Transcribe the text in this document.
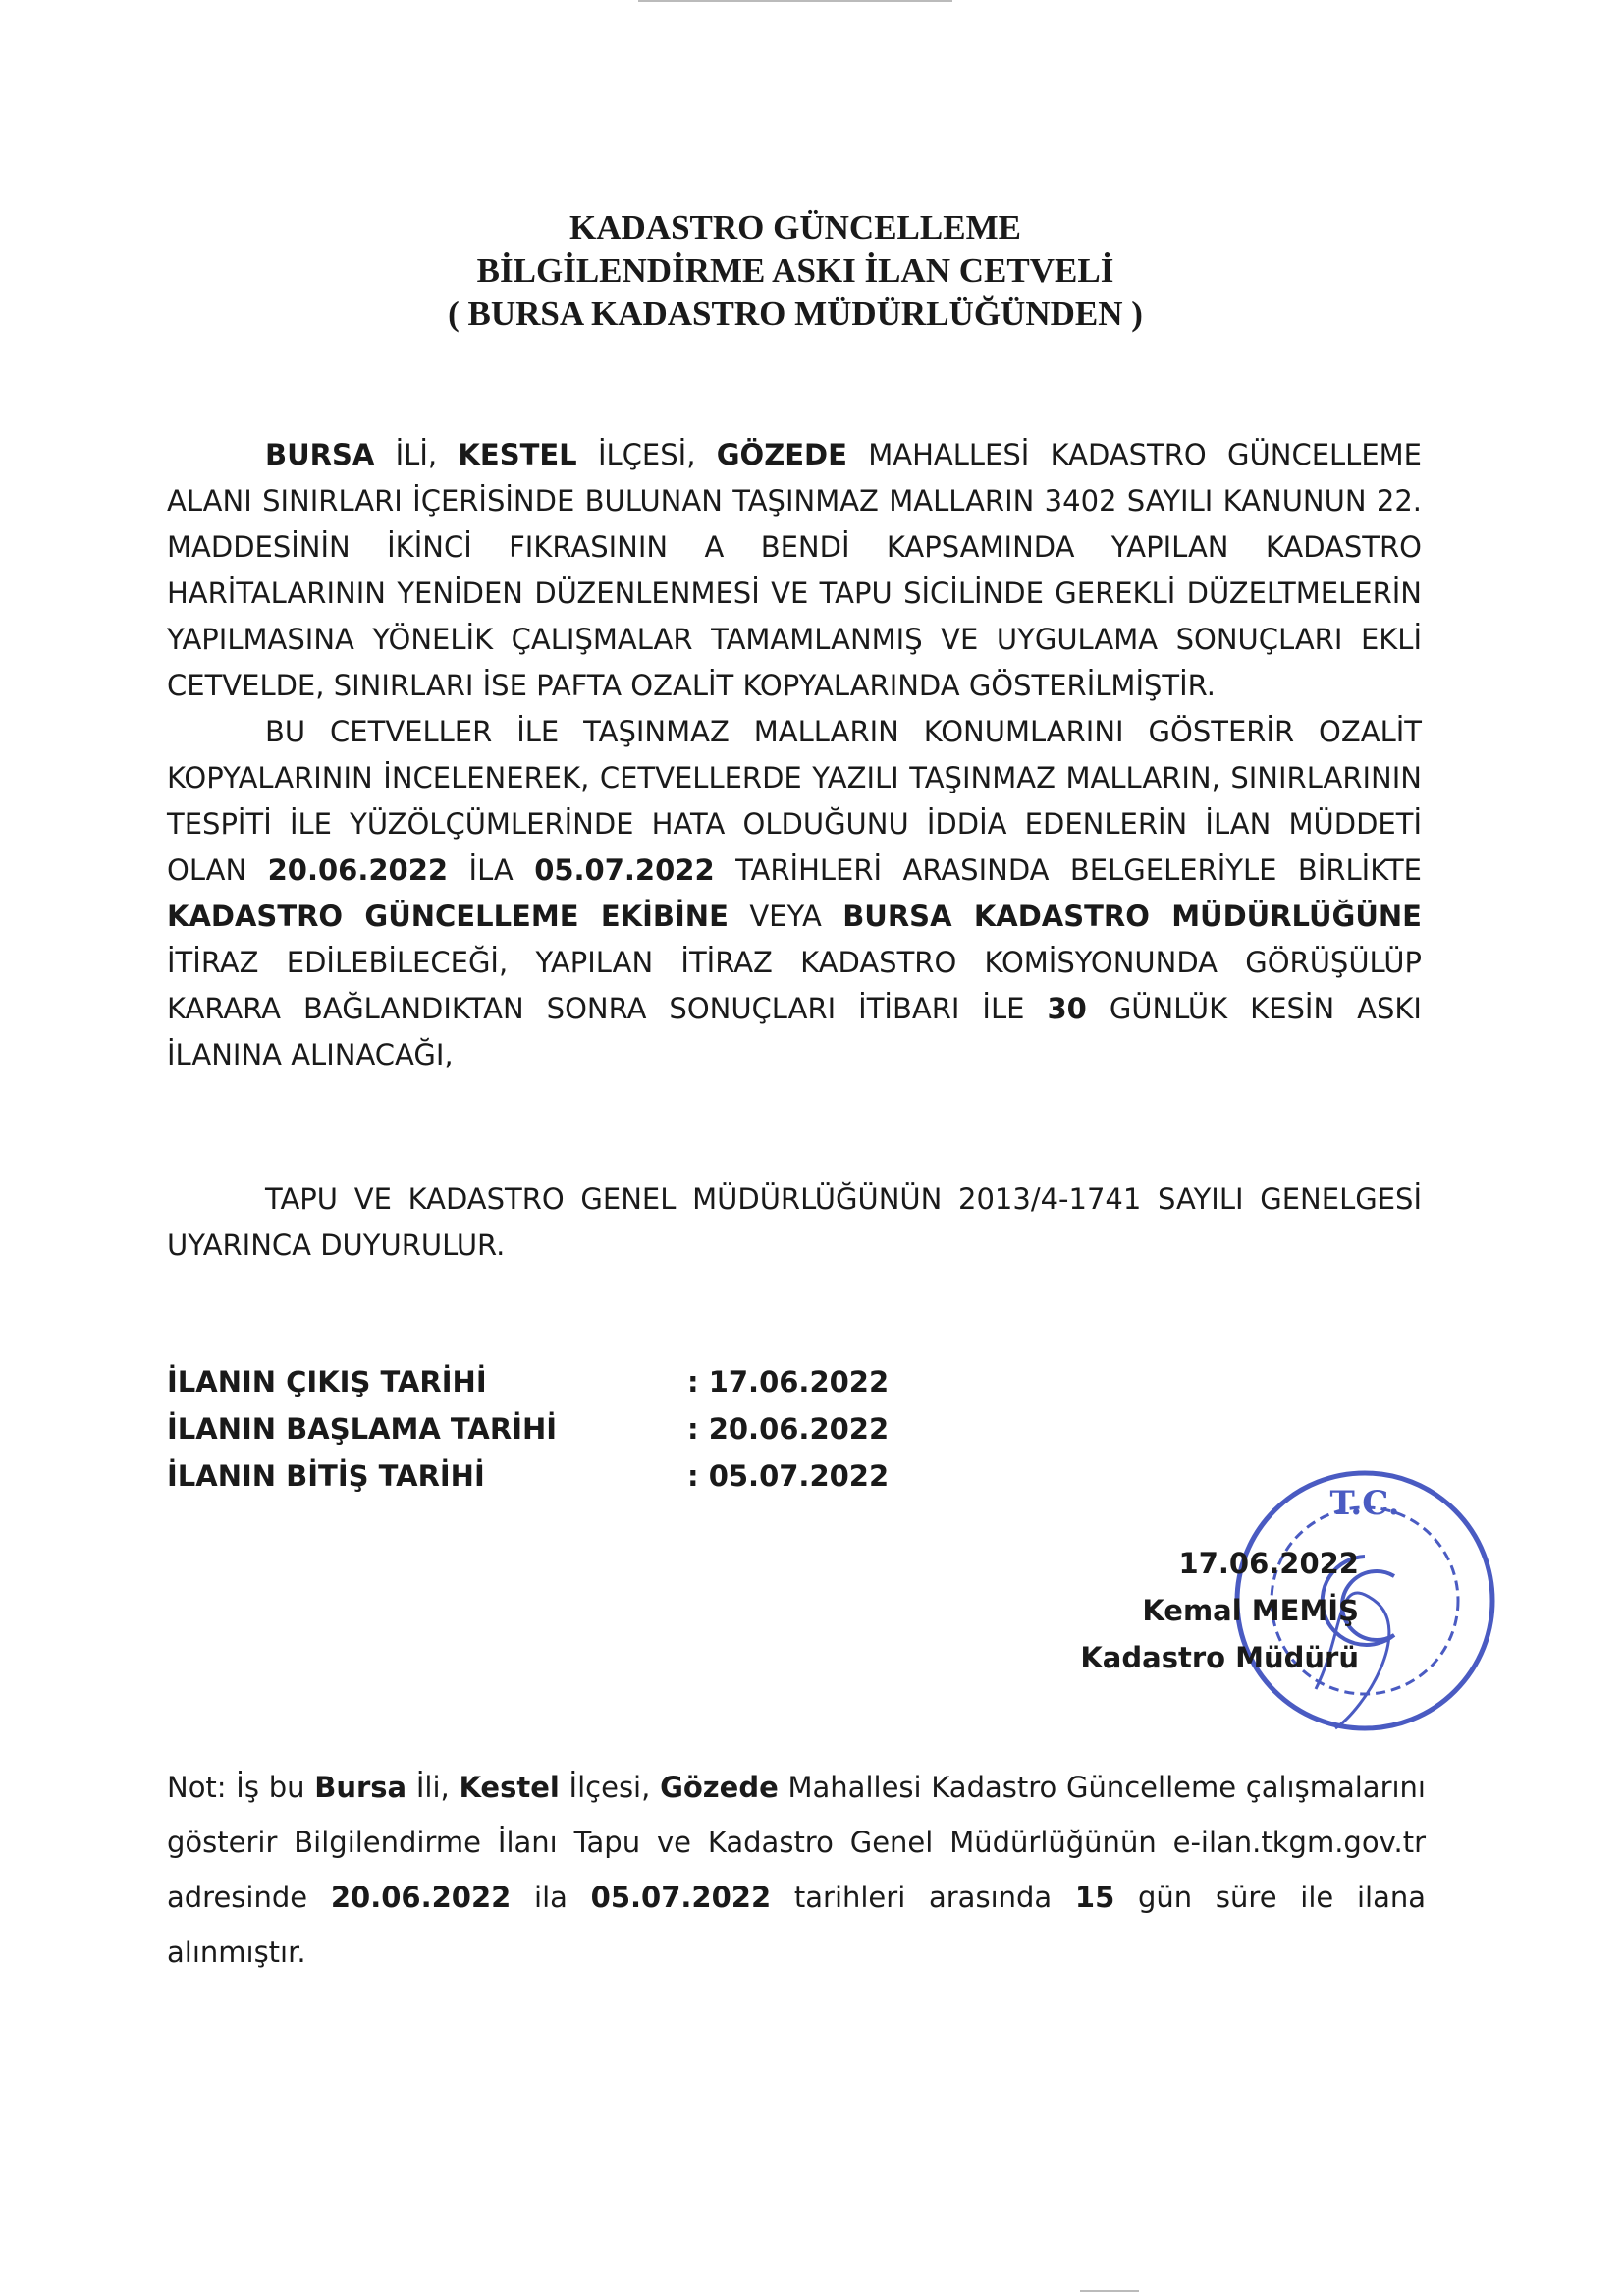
KADASTRO GÜNCELLEME
BİLGİLENDİRME ASKI İLAN CETVELİ
( BURSA KADASTRO MÜDÜRLÜĞÜNDEN )

BURSA İLİ, KESTEL İLÇESİ, GÖZEDE MAHALLESİ KADASTRO GÜNCELLEME ALANI SINIRLARI İÇERİSİNDE BULUNAN TAŞINMAZ MALLARIN 3402 SAYILI KANUNUN 22. MADDESİNİN İKİNCİ FIKRASININ A BENDİ KAPSAMINDA YAPILAN KADASTRO HARİTALARININ YENİDEN DÜZENLENMESİ VE TAPU SİCİLİNDE GEREKLİ DÜZELTMELERİN YAPILMASINA YÖNELİK ÇALIŞMALAR TAMAMLANMIŞ VE UYGULAMA SONUÇLARI EKLİ CETVELDE, SINIRLARI İSE PAFTA OZALİT KOPYALARINDA GÖSTERİLMİŞTİR.

BU CETVELLER İLE TAŞINMAZ MALLARIN KONUMLARINI GÖSTERİR OZALİT KOPYALARININ İNCELENEREK, CETVELLERDE YAZILI TAŞINMAZ MALLARIN, SINIRLARININ TESPİTİ İLE YÜZÖLÇÜMLERİNDE HATA OLDUĞUNU İDDİA EDENLERİN İLAN MÜDDETİ OLAN 20.06.2022 İLA 05.07.2022 TARİHLERİ ARASINDA BELGELERİYLE BİRLİKTE KADASTRO GÜNCELLEME EKİBİNE VEYA BURSA KADASTRO MÜDÜRLÜĞÜNE İTİRAZ EDİLEBİLECEĞİ, YAPILAN İTİRAZ KADASTRO KOMİSYONUNDA GÖRÜŞÜLÜP KARARA BAĞLANDIKTAN SONRA SONUÇLARI İTİBARI İLE 30 GÜNLÜK KESİN ASKI İLANINA ALINACAĞI,

TAPU VE KADASTRO GENEL MÜDÜRLÜĞÜNÜN 2013/4-1741 SAYILI GENELGESİ UYARINCA DUYURULUR.

İLANIN ÇIKIŞ TARİHİ	: 17.06.2022
İLANIN BAŞLAMA TARİHİ	: 20.06.2022
İLANIN BİTİŞ TARİHİ	: 05.07.2022
T.C.
17.06.2022
Kemal MEMİŞ
Kadastro Müdürü
Not: İş bu Bursa İli, Kestel İlçesi, Gözede Mahallesi Kadastro Güncelleme çalışmalarını gösterir Bilgilendirme İlanı Tapu ve Kadastro Genel Müdürlüğünün e-ilan.tkgm.gov.tr adresinde 20.06.2022 ila 05.07.2022 tarihleri arasında 15 gün süre ile ilana alınmıştır.
